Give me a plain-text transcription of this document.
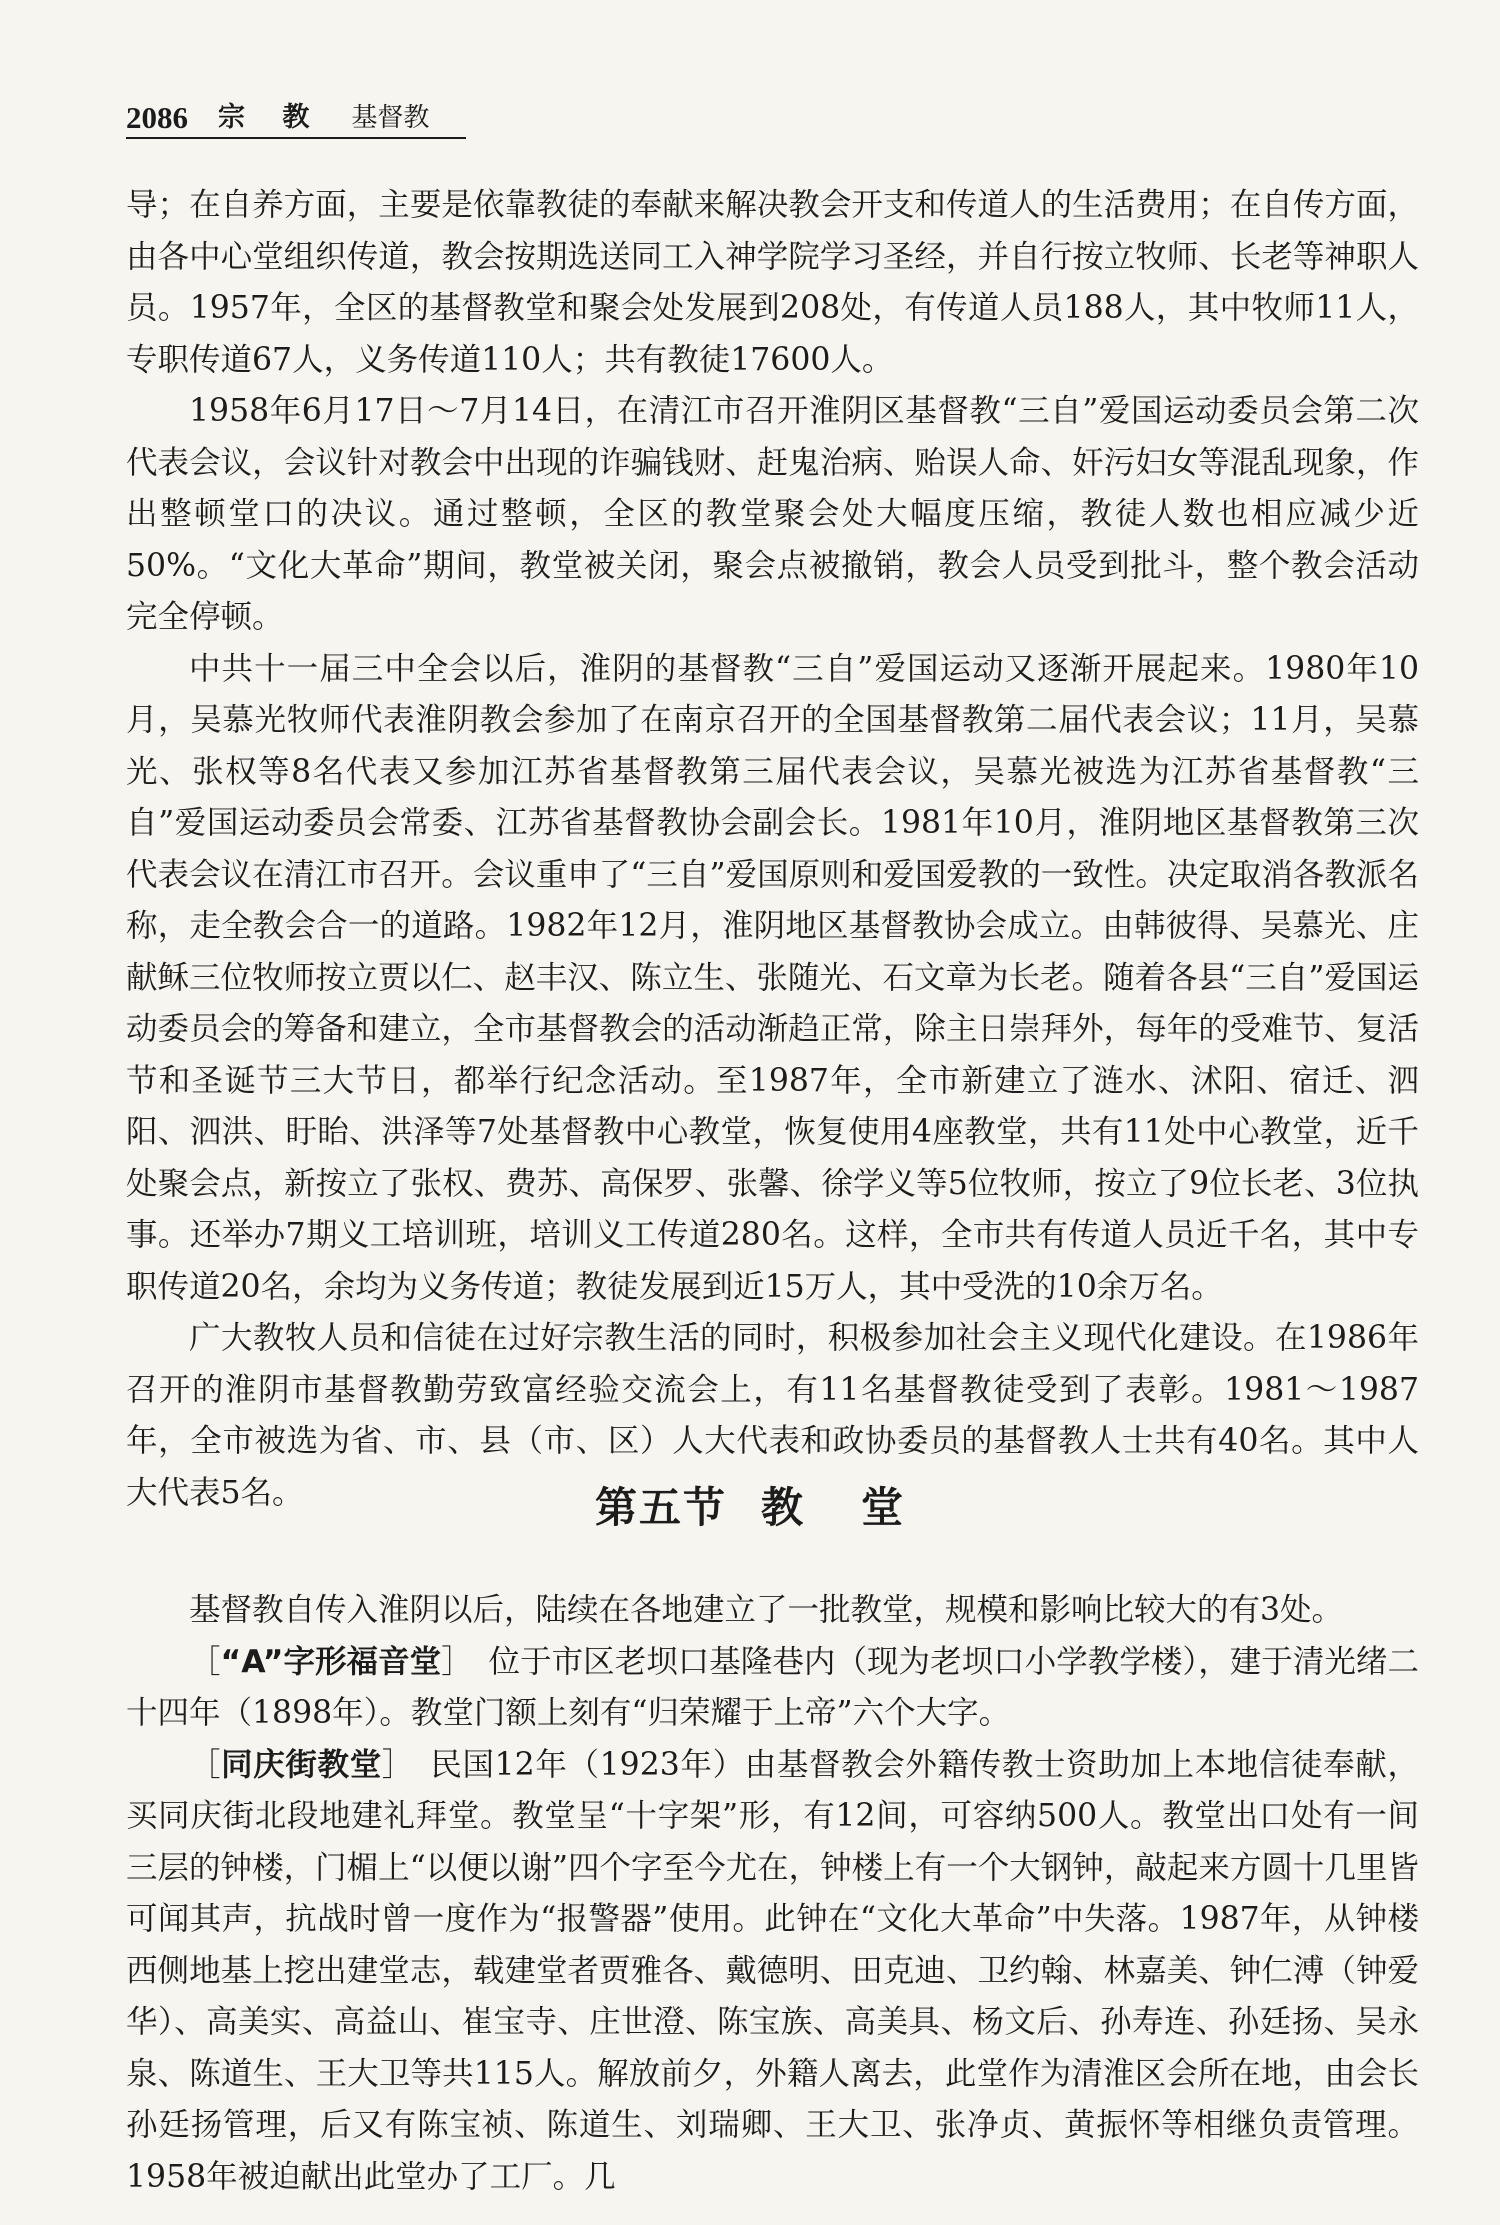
2086 宗 教 基督教

导；在自养方面，主要是依靠教徒的奉献来解决教会开支和传道人的生活费用；在自传方面，由各中心堂组织传道，教会按期选送同工入神学院学习圣经，并自行按立牧师、长老等神职人员。1957年，全区的基督教堂和聚会处发展到208处，有传道人员188人，其中牧师11人，专职传道67人，义务传道110人；共有教徒17600人。

1958年6月17日～7月14日，在清江市召开淮阴区基督教“三自”爱国运动委员会第二次代表会议，会议针对教会中出现的诈骗钱财、赶鬼治病、贻误人命、奸污妇女等混乱现象，作出整顿堂口的决议。通过整顿，全区的教堂聚会处大幅度压缩，教徒人数也相应减少近50%。“文化大革命”期间，教堂被关闭，聚会点被撤销，教会人员受到批斗，整个教会活动完全停顿。

中共十一届三中全会以后，淮阴的基督教“三自”爱国运动又逐渐开展起来。1980年10月，吴慕光牧师代表淮阴教会参加了在南京召开的全国基督教第二届代表会议；11月，吴慕光、张权等8名代表又参加江苏省基督教第三届代表会议，吴慕光被选为江苏省基督教“三自”爱国运动委员会常委、江苏省基督教协会副会长。1981年10月，淮阴地区基督教第三次代表会议在清江市召开。会议重申了“三自”爱国原则和爱国爱教的一致性。决定取消各教派名称，走全教会合一的道路。1982年12月，淮阴地区基督教协会成立。由韩彼得、吴慕光、庄献稣三位牧师按立贾以仁、赵丰汉、陈立生、张随光、石文章为长老。随着各县“三自”爱国运动委员会的筹备和建立，全市基督教会的活动渐趋正常，除主日崇拜外，每年的受难节、复活节和圣诞节三大节日，都举行纪念活动。至1987年，全市新建立了涟水、沭阳、宿迁、泗阳、泗洪、盱眙、洪泽等7处基督教中心教堂，恢复使用4座教堂，共有11处中心教堂，近千处聚会点，新按立了张权、费苏、高保罗、张馨、徐学义等5位牧师，按立了9位长老、3位执事。还举办7期义工培训班，培训义工传道280名。这样，全市共有传道人员近千名，其中专职传道20名，余均为义务传道；教徒发展到近15万人，其中受洗的10余万名。

广大教牧人员和信徒在过好宗教生活的同时，积极参加社会主义现代化建设。在1986年召开的淮阴市基督教勤劳致富经验交流会上，有11名基督教徒受到了表彰。1981～1987年，全市被选为省、市、县（市、区）人大代表和政协委员的基督教人士共有40名。其中人大代表5名。	第五节 教 堂

基督教自传入淮阴以后，陆续在各地建立了一批教堂，规模和影响比较大的有3处。

［“A”字形福音堂］　位于市区老坝口基隆巷内（现为老坝口小学教学楼），建于清光绪二十四年（1898年）。教堂门额上刻有“归荣耀于上帝”六个大字。

［同庆街教堂］　民国12年（1923年）由基督教会外籍传教士资助加上本地信徒奉献，买同庆街北段地建礼拜堂。教堂呈“十字架”形，有12间，可容纳500人。教堂出口处有一间三层的钟楼，门楣上“以便以谢”四个字至今尤在，钟楼上有一个大钢钟，敲起来方圆十几里皆可闻其声，抗战时曾一度作为“报警器”使用。此钟在“文化大革命”中失落。1987年，从钟楼西侧地基上挖出建堂志，载建堂者贾雅各、戴德明、田克迪、卫约翰、林嘉美、钟仁溥（钟爱华）、高美实、高益山、崔宝寺、庄世澄、陈宝族、高美具、杨文后、孙寿连、孙廷扬、吴永泉、陈道生、王大卫等共115人。解放前夕，外籍人离去，此堂作为清淮区会所在地，由会长孙廷扬管理，后又有陈宝祯、陈道生、刘瑞卿、王大卫、张净贞、黄振怀等相继负责管理。1958年被迫献出此堂办了工厂。几
